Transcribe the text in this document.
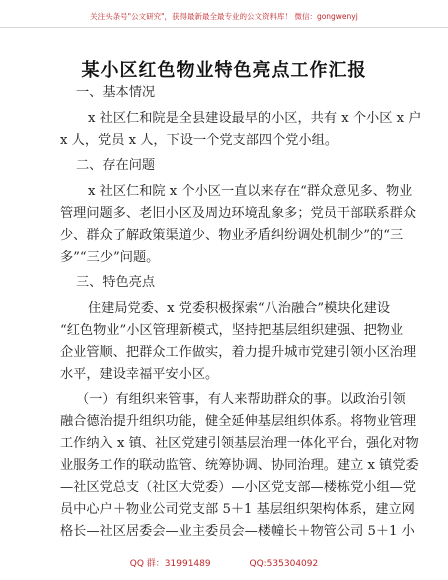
关注头条号"公文研究"，获得最新最全最专业的公文资料库！ 微信：gongwenyj
某小区红色物业特色亮点工作汇报
一、基本情况
x 社区仁和院是全县建设最早的小区，共有 x 个小区 x 户
x 人，党员 x 人，下设一个党支部四个党小组。
二、存在问题
x 社区仁和院 x 个小区一直以来存在“群众意见多、物业
管理问题多、老旧小区及周边环境乱象多；党员干部联系群众
少、群众了解政策渠道少、物业矛盾纠纷调处机制少”的“三
多”“三少”问题。
三、特色亮点
住建局党委、x 党委积极探索“八治融合”模块化建设
“红色物业”小区管理新模式，坚持把基层组织建强、把物业
企业管顺、把群众工作做实，着力提升城市党建引领小区治理
水平，建设幸福平安小区。
（一）有组织来管事，有人来帮助群众的事。以政治引领
融合德治提升组织功能，健全延伸基层组织体系。将物业管理
工作纳入 x 镇、社区党建引领基层治理一体化平台，强化对物
业服务工作的联动监管、统筹协调、协同治理。建立 x 镇党委
—社区党总支（社区大党委）—小区党支部—楼栋党小组—党
员中心户＋物业公司党支部 5＋1 基层组织架构体系，建立网
格长—社区居委会—业主委员会—楼幢长＋物管公司 5＋1 小
QQ 群：31991489	QQ:535304092
